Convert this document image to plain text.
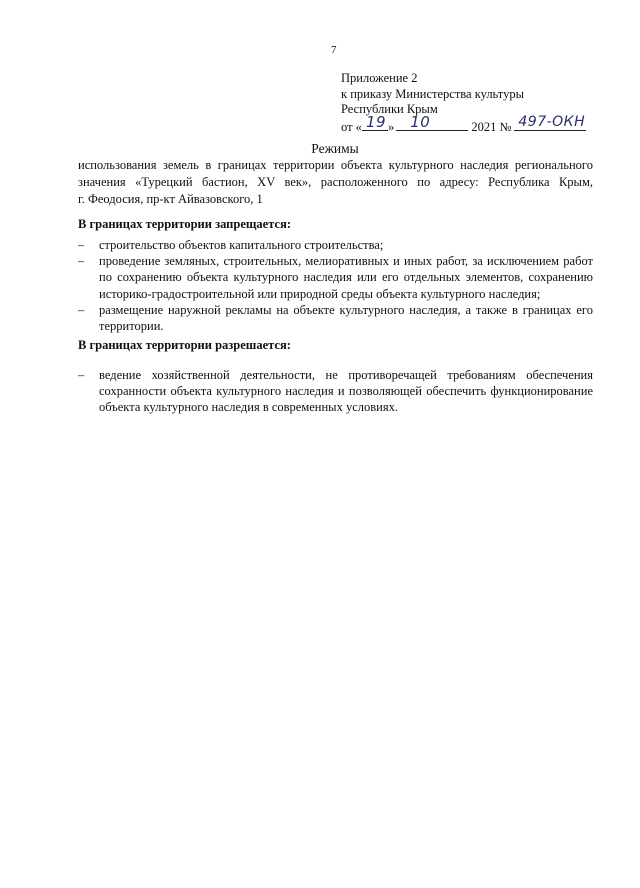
7
Приложение 2
к приказу Министерства культуры
Республики Крым
от « 19 » 10	2021 № 497-ОКН
Режимы
использования земель в границах территории объекта культурного наследия регионального
значения «Турецкий бастион, XV век», расположенного по адресу: Республика Крым,
г. Феодосия, пр-кт Айвазовского, 1
В границах территории запрещается:
– строительство объектов капитального строительства;
– проведение земляных, строительных, мелиоративных и иных работ, за исключением работ
по сохранению объекта культурного наследия или его отдельных элементов, сохранению
историко-градостроительной или природной среды объекта культурного наследия;
– размещение наружной рекламы на объекте культурного наследия, а также в границах его
территории.
В границах территории разрешается:
– ведение хозяйственной деятельности, не противоречащей требованиям обеспечения
сохранности объекта культурного наследия и позволяющей обеспечить функционирование
объекта культурного наследия в современных условиях.
